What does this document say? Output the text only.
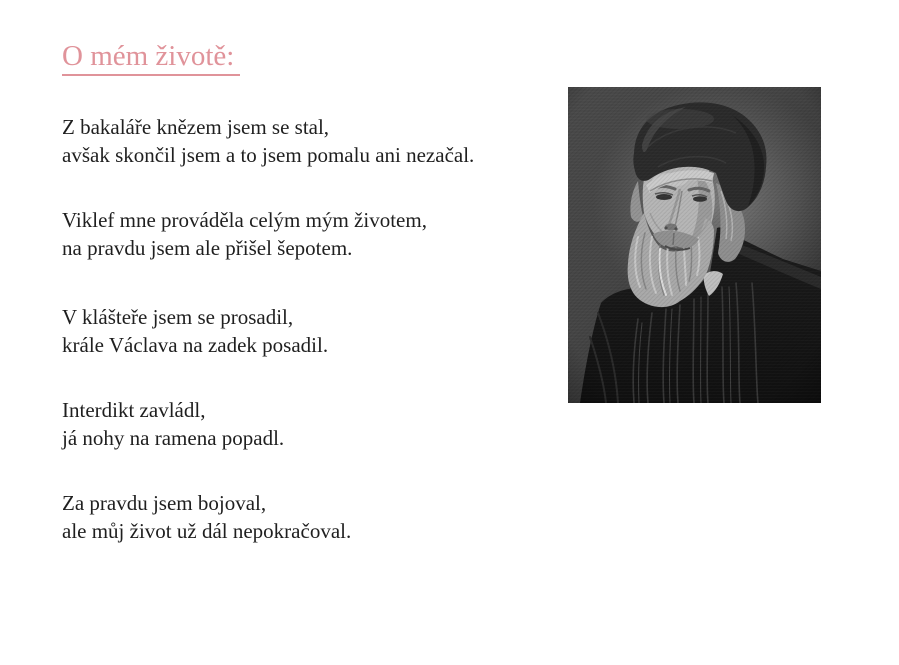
O mém životě:

Z bakaláře knězem jsem se stal,
avšak skončil jsem a to jsem pomalu ani nezačal.

Viklef mne prováděla celým mým životem,
na pravdu jsem ale přišel šepotem.

V klášteře jsem se prosadil,
krále Václava na zadek posadil.

Interdikt zavládl,
já nohy na ramena popadl.

Za pravdu jsem bojoval,
ale můj život už dál nepokračoval.
